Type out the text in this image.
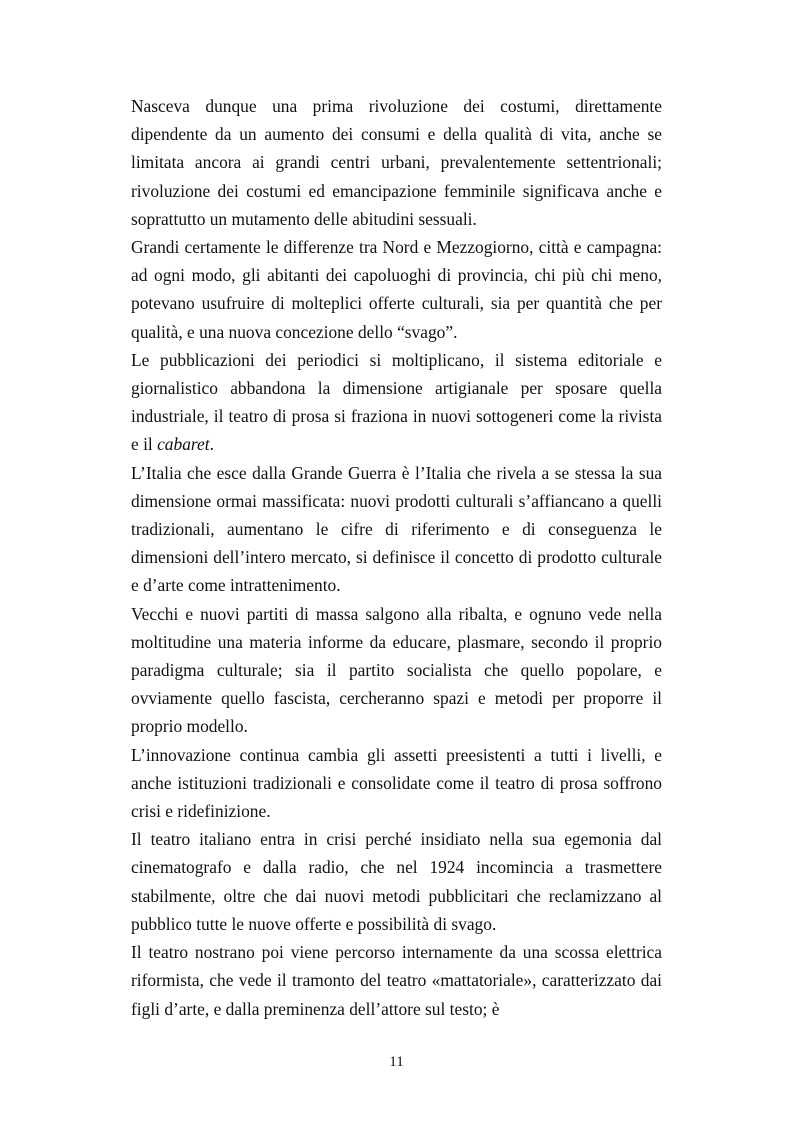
Nasceva dunque una prima rivoluzione dei costumi, direttamente dipendente da un aumento dei consumi e della qualità di vita, anche se limitata ancora ai grandi centri urbani, prevalentemente settentrionali; rivoluzione dei costumi ed emancipazione femminile significava anche e soprattutto un mutamento delle abitudini sessuali.

Grandi certamente le differenze tra Nord e Mezzogiorno, città e campagna: ad ogni modo, gli abitanti dei capoluoghi di provincia, chi più chi meno, potevano usufruire di molteplici offerte culturali, sia per quantità che per qualità, e una nuova concezione dello “svago”.

Le pubblicazioni dei periodici si moltiplicano, il sistema editoriale e giornalistico abbandona la dimensione artigianale per sposare quella industriale, il teatro di prosa si fraziona in nuovi sottogeneri come la rivista e il cabaret.

L’Italia che esce dalla Grande Guerra è l’Italia che rivela a se stessa la sua dimensione ormai massificata: nuovi prodotti culturali s’affiancano a quelli tradizionali, aumentano le cifre di riferimento e di conseguenza le dimensioni dell’intero mercato, si definisce il concetto di prodotto culturale e d’arte come intrattenimento.

Vecchi e nuovi partiti di massa salgono alla ribalta, e ognuno vede nella moltitudine una materia informe da educare, plasmare, secondo il proprio paradigma culturale; sia il partito socialista che quello popolare, e ovviamente quello fascista, cercheranno spazi e metodi per proporre il proprio modello.

L’innovazione continua cambia gli assetti preesistenti a tutti i livelli, e anche istituzioni tradizionali e consolidate come il teatro di prosa soffrono crisi e ridefinizione.

Il teatro italiano entra in crisi perché insidiato nella sua egemonia dal cinematografo e dalla radio, che nel 1924 incomincia a trasmettere stabilmente, oltre che dai nuovi metodi pubblicitari che reclamizzano al pubblico tutte le nuove offerte e possibilità di svago.

Il teatro nostrano poi viene percorso internamente da una scossa elettrica riformista, che vede il tramonto del teatro «mattatoriale», caratterizzato dai figli d’arte, e dalla preminenza dell’attore sul testo; è

11
